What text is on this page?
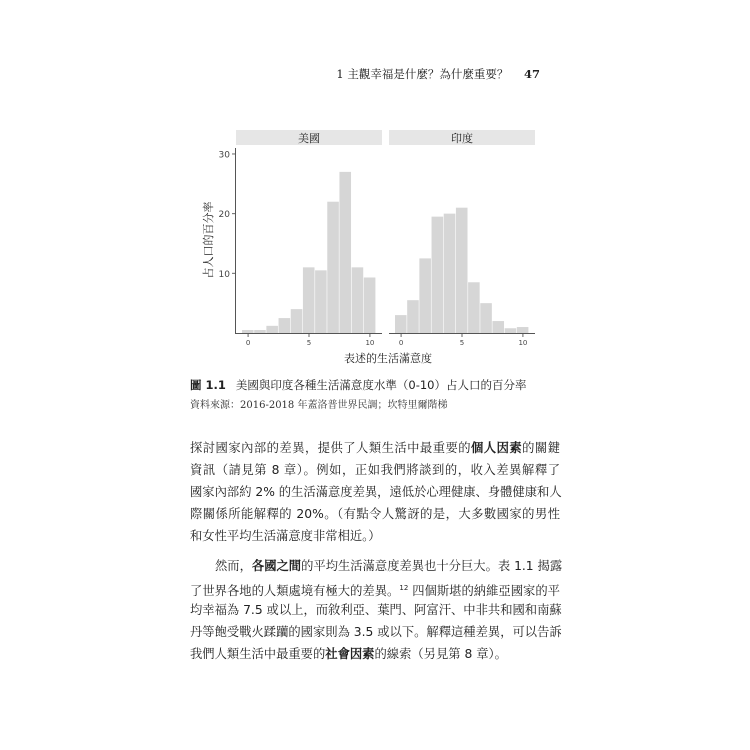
1 主觀幸福是什麼？為什麼重要？ 47
占人口的百分率
美國
0	5	10
印度
0	5	10
10
20
30
表述的生活滿意度
圖 1.1 美國與印度各種生活滿意度水準（0-10）占人口的百分率
資料來源：2016-2018 年蓋洛普世界民調；坎特里爾階梯
探討國家內部的差異，提供了人類生活中最重要的個人因素的關鍵
資訊（請見第 8 章）。例如，正如我們將談到的，收入差異解釋了
國家內部約 2% 的生活滿意度差異，遠低於心理健康、身體健康和人
際關係所能解釋的 20%。（有點令人驚訝的是，大多數國家的男性
和女性平均生活滿意度非常相近。）
然而，各國之間的平均生活滿意度差異也十分巨大。表 1.1 揭露
了世界各地的人類處境有極大的差異。$^{12}$ 四個斯堪的納維亞國家的平
均幸福為 7.5 或以上，而敘利亞、葉門、阿富汗、中非共和國和南蘇
丹等飽受戰火蹂躪的國家則為 3.5 或以下。解釋這種差異，可以告訴
我們人類生活中最重要的社會因素的線索（另見第 8 章）。
